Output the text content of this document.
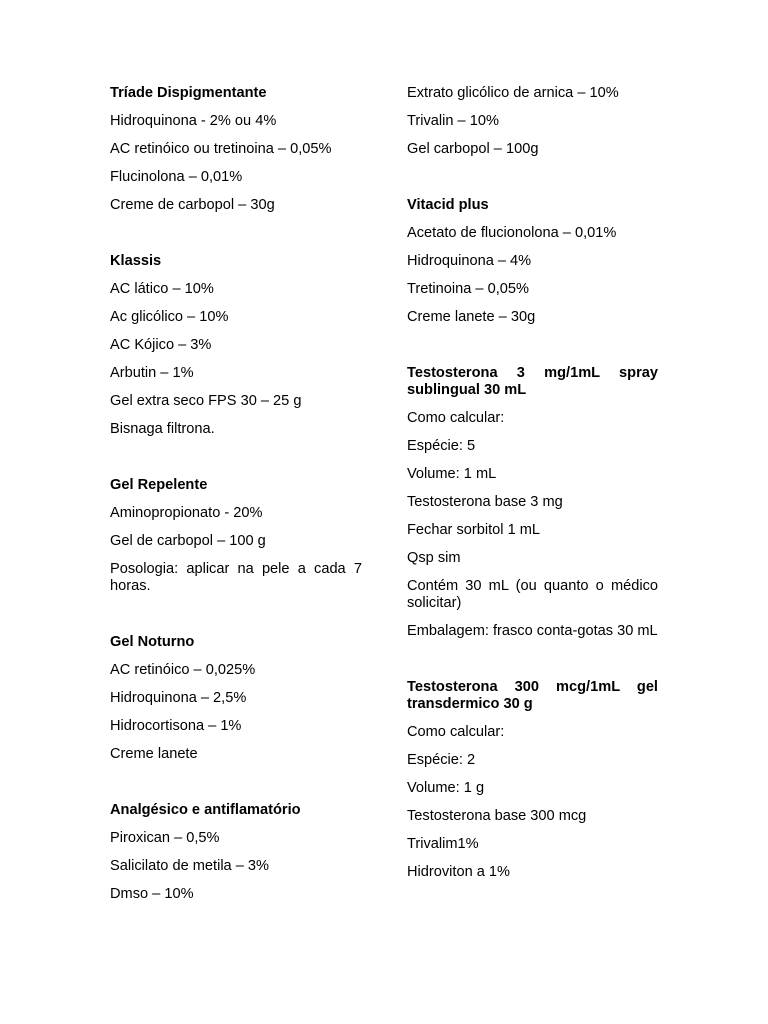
Tríade Dispigmentante

Hidroquinona - 2% ou 4%

AC retinóico ou tretinoina – 0,05%

Flucinolona – 0,01%

Creme de carbopol – 30g

Klassis

AC lático – 10%

Ac glicólico – 10%

AC Kójico – 3%

Arbutin – 1%

Gel extra seco FPS 30 – 25 g

Bisnaga filtrona.

Gel Repelente

Aminopropionato - 20%

Gel de carbopol – 100 g

Posologia: aplicar na pele a cada 7 horas.

Gel Noturno

AC retinóico – 0,025%

Hidroquinona – 2,5%

Hidrocortisona – 1%

Creme lanete

Analgésico e antiflamatório

Piroxican – 0,5%

Salicilato de metila – 3%

Dmso – 10%

Extrato glicólico de arnica – 10%

Trivalin – 10%

Gel carbopol – 100g

Vitacid plus

Acetato de flucionolona – 0,01%

Hidroquinona – 4%

Tretinoina – 0,05%

Creme lanete – 30g

Testosterona 3 mg/1mL spray sublingual 30 mL

Como calcular:

Espécie: 5

Volume: 1 mL

Testosterona base 3 mg

Fechar sorbitol 1 mL

Qsp sim

Contém 30 mL (ou quanto o médico solicitar)

Embalagem: frasco conta-gotas 30 mL

Testosterona 300 mcg/1mL gel transdermico 30 g

Como calcular:

Espécie: 2

Volume: 1 g

Testosterona base 300 mcg

Trivalim1%

Hidroviton a 1%
